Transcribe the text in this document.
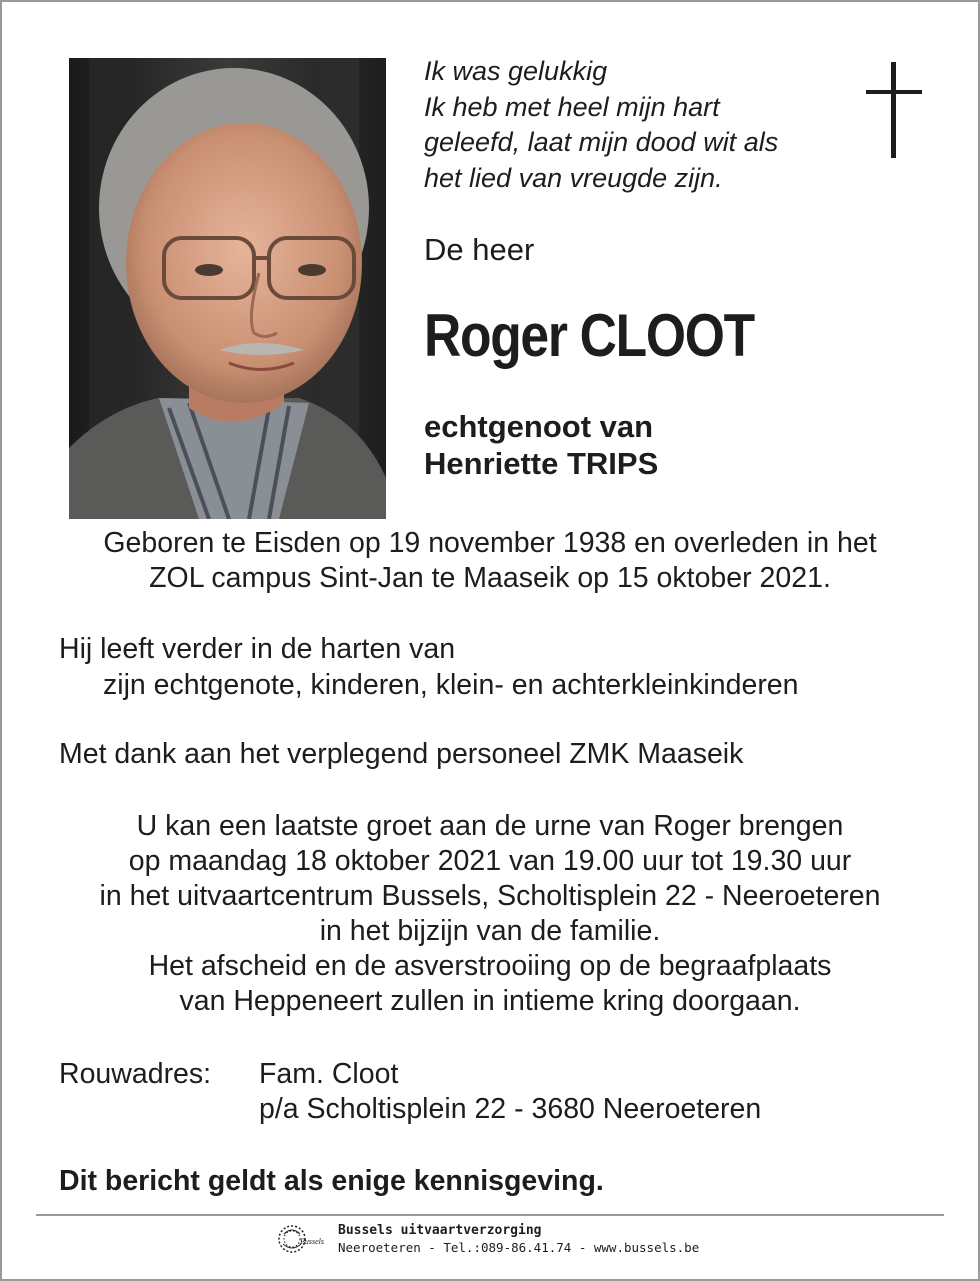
Ik was gelukkig
Ik heb met heel mijn hart
geleefd, laat mijn dood wit als
het lied van vreugde zijn.
De heer
Roger CLOOT
echtgenoot van
Henriette TRIPS
Geboren te Eisden op 19 november 1938 en overleden in het
ZOL campus Sint-Jan te Maaseik op 15 oktober 2021.
Hij leeft verder in de harten van
zijn echtgenote, kinderen, klein- en achterkleinkinderen
Met dank aan het verplegend personeel ZMK Maaseik
U kan een laatste groet aan de urne van Roger brengen
op maandag 18 oktober 2021 van 19.00 uur tot 19.30 uur
in het uitvaartcentrum Bussels, Scholtisplein 22 - Neeroeteren
in het bijzijn van de familie.
Het afscheid en de asverstrooiing op de begraafplaats
van Heppeneert zullen in intieme kring doorgaan.
Rouwadres: Fam. Cloot
p/a Scholtisplein 22 - 3680 Neeroeteren
Dit bericht geldt als enige kennisgeving.
Bussels
Bussels uitvaartverzorging
Neeroeteren - Tel.:089-86.41.74 - www.bussels.be
